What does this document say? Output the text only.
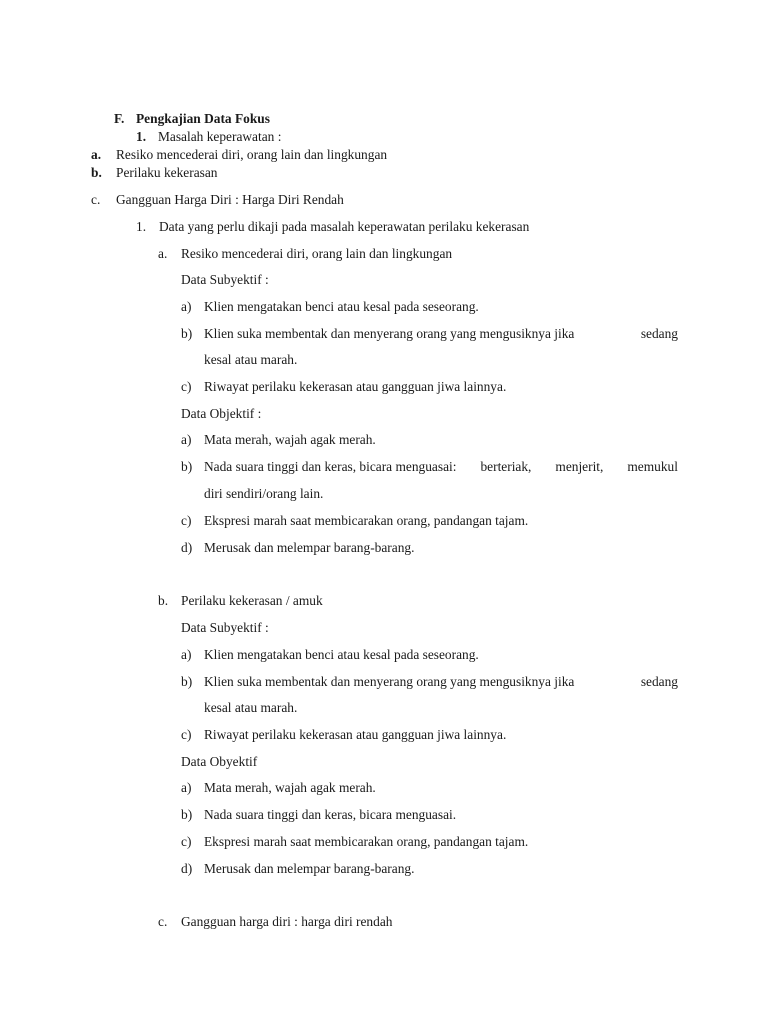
F. Pengkajian Data Fokus
1. Masalah keperawatan :
a. Resiko mencederai diri, orang lain dan lingkungan
b. Perilaku kekerasan
c. Gangguan Harga Diri : Harga Diri Rendah
1. Data yang perlu dikaji pada masalah keperawatan perilaku kekerasan
a. Resiko mencederai diri, orang lain dan lingkungan
Data Subyektif :
a) Klien mengatakan benci atau kesal pada seseorang.
b) Klien suka membentak dan menyerang orang yang mengusiknya jika	sedang
kesal atau marah.
c) Riwayat perilaku kekerasan atau gangguan jiwa lainnya.
Data Objektif :
a) Mata merah, wajah agak merah.
b) Nada suara tinggi dan keras, bicara menguasai: berteriak, menjerit, memukul
diri sendiri/orang lain.
c) Ekspresi marah saat membicarakan orang, pandangan tajam.
d) Merusak dan melempar barang-barang.
b. Perilaku kekerasan / amuk
Data Subyektif :
a) Klien mengatakan benci atau kesal pada seseorang.
b) Klien suka membentak dan menyerang orang yang mengusiknya jika	sedang
kesal atau marah.
c) Riwayat perilaku kekerasan atau gangguan jiwa lainnya.
Data Obyektif
a) Mata merah, wajah agak merah.
b) Nada suara tinggi dan keras, bicara menguasai.
c) Ekspresi marah saat membicarakan orang, pandangan tajam.
d) Merusak dan melempar barang-barang.
c. Gangguan harga diri : harga diri rendah
